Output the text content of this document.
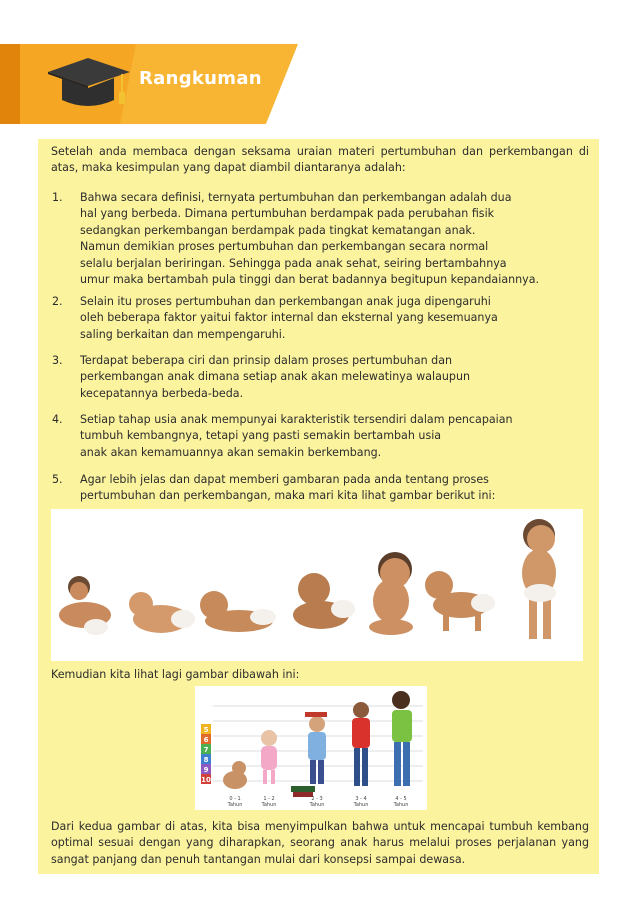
Rangkuman

Setelah anda membaca dengan seksama uraian materi pertumbuhan dan perkembangan di atas, maka kesimpulan yang dapat diambil diantaranya adalah:

1.	Bahwa secara definisi, ternyata pertumbuhan dan perkembangan adalah dua
hal yang berbeda. Dimana pertumbuhan berdampak pada perubahan fisik
sedangkan perkembangan berdampak pada tingkat kematangan anak.
Namun demikian proses pertumbuhan dan perkembangan secara normal
selalu berjalan beriringan. Sehingga pada anak sehat, seiring bertambahnya
umur maka bertambah pula tinggi dan berat badannya begitupun kepandaiannya.
2.	Selain itu proses pertumbuhan dan perkembangan anak juga dipengaruhi
oleh beberapa faktor yaitui faktor internal dan eksternal yang kesemuanya
saling berkaitan dan mempengaruhi.
3.	Terdapat beberapa ciri dan prinsip dalam proses pertumbuhan dan
perkembangan anak dimana setiap anak akan melewatinya walaupun
kecepatannya berbeda-beda.
4.	Setiap tahap usia anak mempunyai karakteristik tersendiri dalam pencapaian
tumbuh kembangnya, tetapi yang pasti semakin bertambah usia
anak akan kemamuannya akan semakin berkembang.
5.	Agar lebih jelas dan dapat memberi gambaran pada anda tentang proses
pertumbuhan dan perkembangan, maka mari kita lihat gambar berikut ini:

Kemudian kita lihat lagi gambar dibawah ini:

5
6
7
8
9
10
0 - 1
Tahun
1 - 2
Tahun
2 - 3
Tahun
3 - 4
Tahun
4 - 5
Tahun

Dari kedua gambar di atas, kita bisa menyimpulkan bahwa untuk mencapai tumbuh kembang optimal sesuai dengan yang diharapkan, seorang anak harus melalui proses perjalanan yang sangat panjang dan penuh tantangan mulai dari konsepsi sampai dewasa.
